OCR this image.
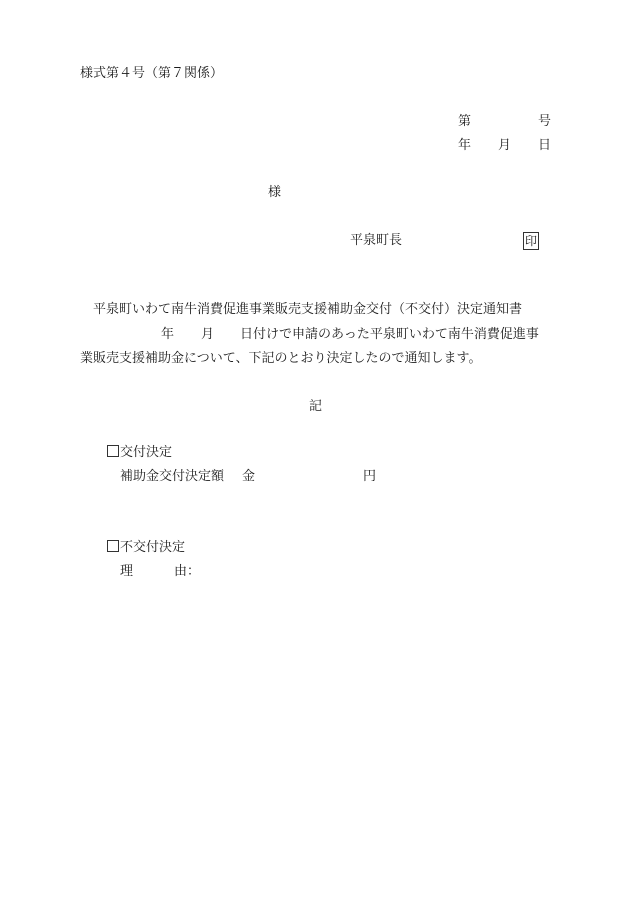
様式第４号（第７関係）
第	号
年 月 日
様
平泉町長	印
平泉町いわて南牛消費促進事業販売支援補助金交付（不交付）決定通知書
年 月 日付けで申請のあった平泉町いわて南牛消費促進事
業販売支援補助金について、下記のとおり決定したので通知します。
記
交付決定
補助金交付決定額 金	円
不交付決定
理	由：
